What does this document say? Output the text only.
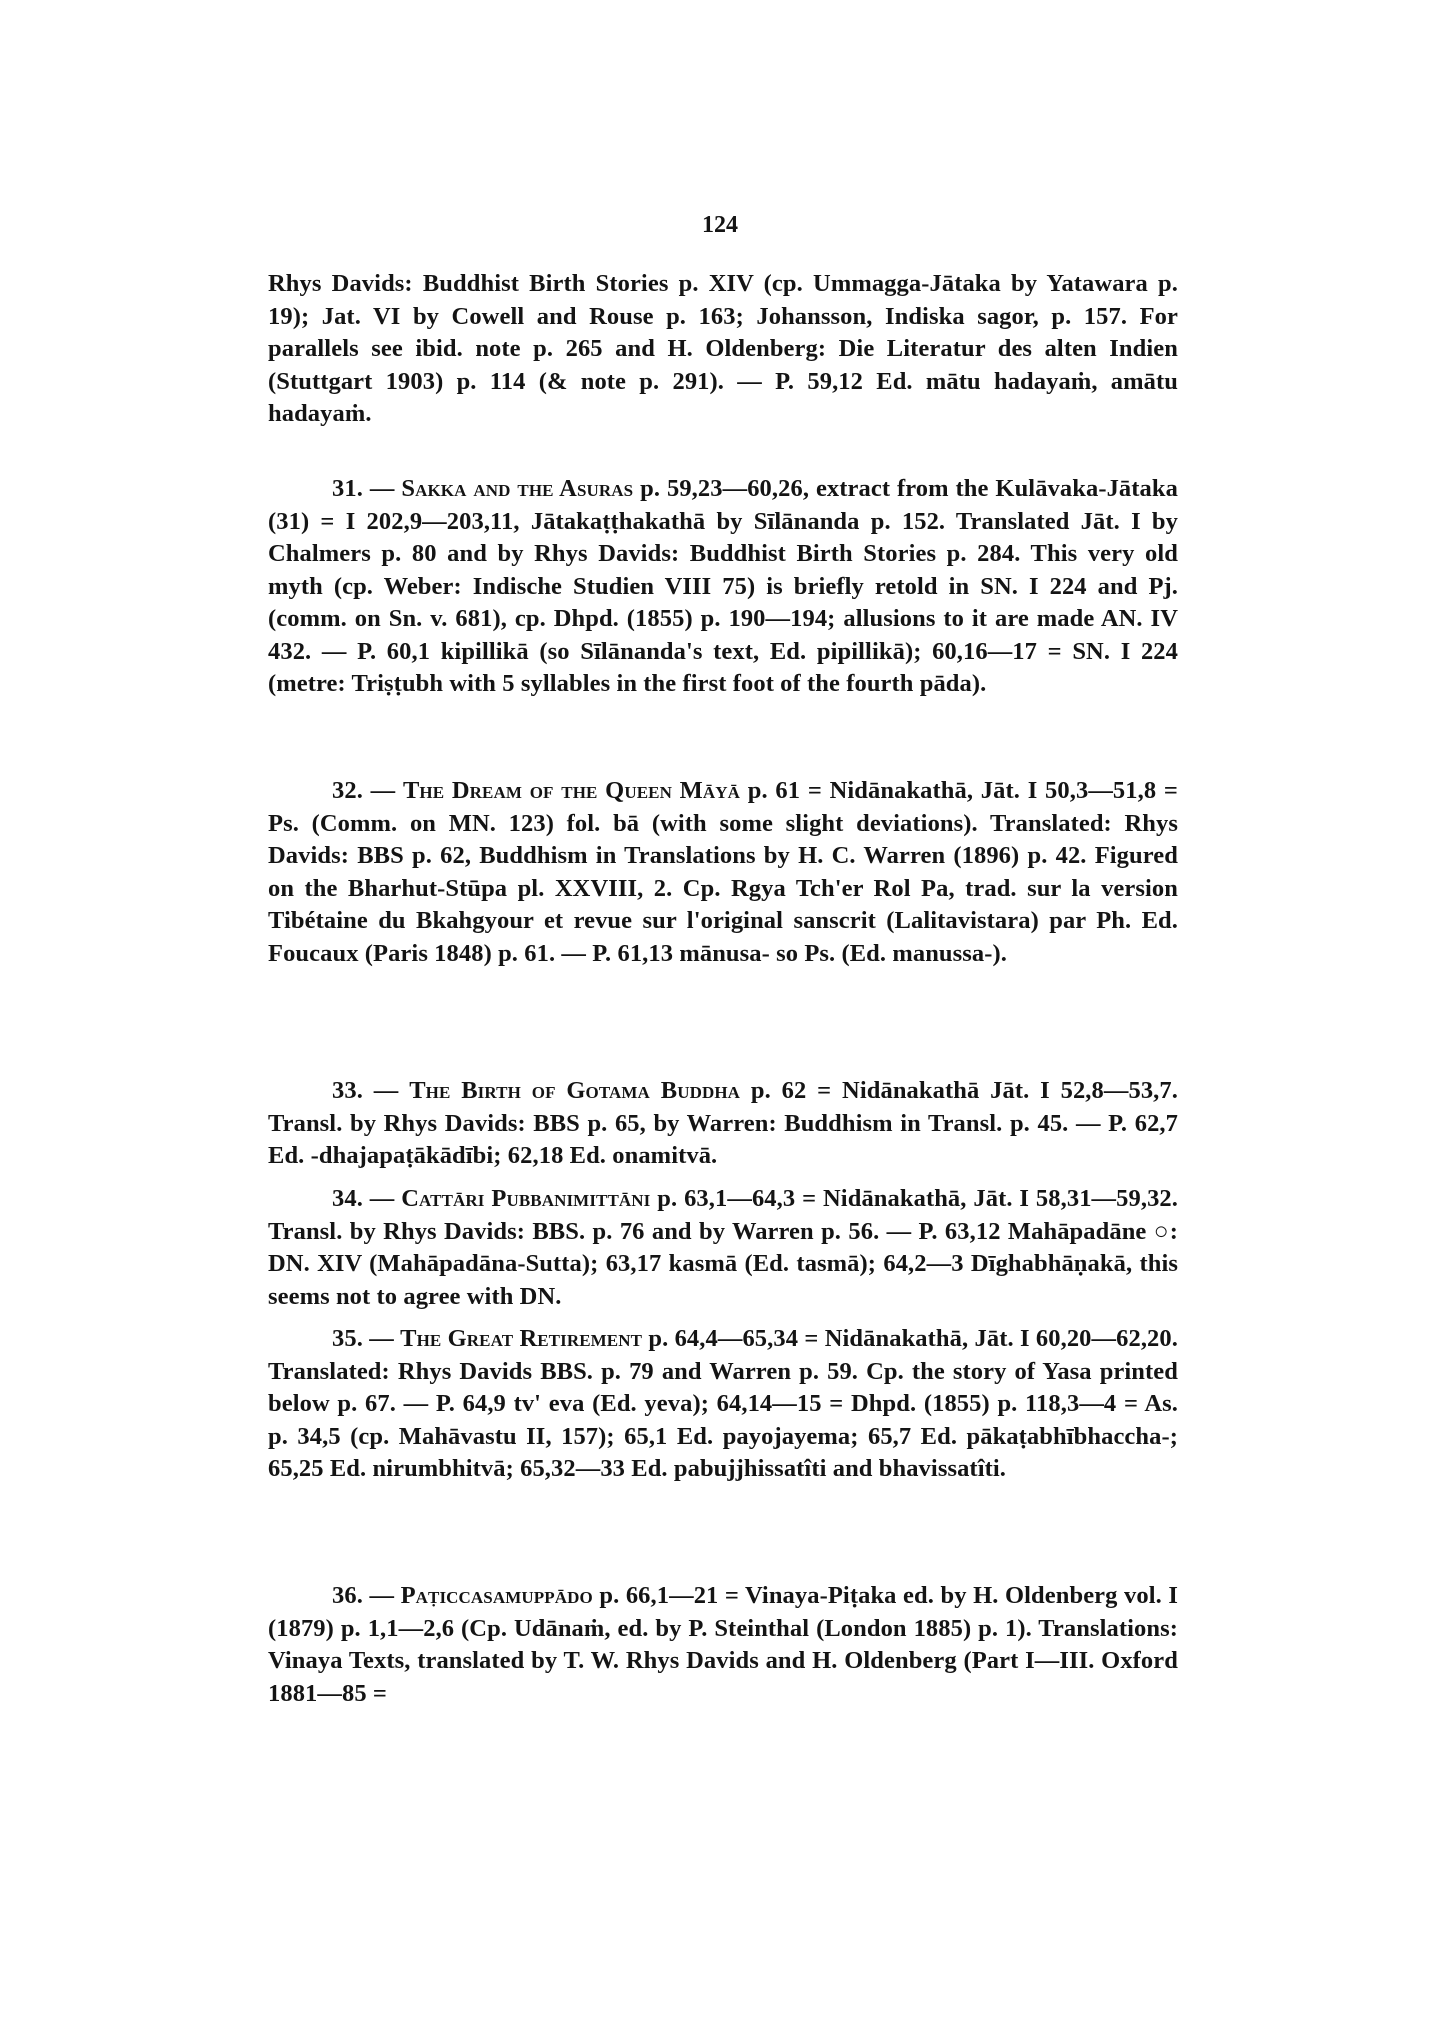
124

Rhys Davids: Buddhist Birth Stories p. XIV (cp. Ummagga-Jātaka by Yatawara p. 19); Jat. VI by Cowell and Rouse p. 163; Johansson, Indiska sagor, p. 157. For parallels see ibid. note p. 265 and H. Oldenberg: Die Literatur des alten Indien (Stuttgart 1903) p. 114 (& note p. 291). — P. 59,12 Ed. mātu hadayaṁ, amātu hadayaṁ.

31. — Sakka and the Asuras p. 59,23—60,26, extract from the Kulāvaka-Jātaka (31) = I 202,9—203,11, Jātakaṭṭhakathā by Sīlānanda p. 152. Translated Jāt. I by Chalmers p. 80 and by Rhys Davids: Buddhist Birth Stories p. 284. This very old myth (cp. Weber: Indische Studien VIII 75) is briefly retold in SN. I 224 and Pj. (comm. on Sn. v. 681), cp. Dhpd. (1855) p. 190—194; allusions to it are made AN. IV 432. — P. 60,1 kipillikā (so Sīlānanda's text, Ed. pipillikā); 60,16—17 = SN. I 224 (metre: Triṣṭubh with 5 syllables in the first foot of the fourth pāda).

32. — The Dream of the Queen Māyā p. 61 = Nidānakathā, Jāt. I 50,3—51,8 = Ps. (Comm. on MN. 123) fol. bā (with some slight deviations). Translated: Rhys Davids: BBS p. 62, Buddhism in Translations by H. C. Warren (1896) p. 42. Figured on the Bharhut-Stūpa pl. XXVIII, 2. Cp. Rgya Tch'er Rol Pa, trad. sur la version Tibétaine du Bkahgyour et revue sur l'original sanscrit (Lalitavistara) par Ph. Ed. Foucaux (Paris 1848) p. 61. — P. 61,13 mānusa- so Ps. (Ed. manussa-).

33. — The Birth of Gotama Buddha p. 62 = Nidānakathā Jāt. I 52,8—53,7. Transl. by Rhys Davids: BBS p. 65, by Warren: Buddhism in Transl. p. 45. — P. 62,7 Ed. -dhajapaṭākādībi; 62,18 Ed. onamitvā.

34. — Cattāri Pubbanimittāni p. 63,1—64,3 = Nidānakathā, Jāt. I 58,31—59,32. Transl. by Rhys Davids: BBS. p. 76 and by Warren p. 56. — P. 63,12 Mahāpadāne ○: DN. XIV (Mahāpadāna-Sutta); 63,17 kasmā (Ed. tasmā); 64,2—3 Dīghabhāṇakā, this seems not to agree with DN.

35. — The Great Retirement p. 64,4—65,34 = Nidānakathā, Jāt. I 60,20—62,20. Translated: Rhys Davids BBS. p. 79 and Warren p. 59. Cp. the story of Yasa printed below p. 67. — P. 64,9 tv' eva (Ed. yeva); 64,14—15 = Dhpd. (1855) p. 118,3—4 = As. p. 34,5 (cp. Mahāvastu II, 157); 65,1 Ed. payojayema; 65,7 Ed. pākaṭabhībhaccha-; 65,25 Ed. nirumbhitvā; 65,32—33 Ed. pabujjhissatîti and bhavissatîti.

36. — Paṭiccasamuppādo p. 66,1—21 = Vinaya-Piṭaka ed. by H. Oldenberg vol. I (1879) p. 1,1—2,6 (Cp. Udānaṁ, ed. by P. Steinthal (London 1885) p. 1). Translations: Vinaya Texts, translated by T. W. Rhys Davids and H. Oldenberg (Part I—III. Oxford 1881—85 =
